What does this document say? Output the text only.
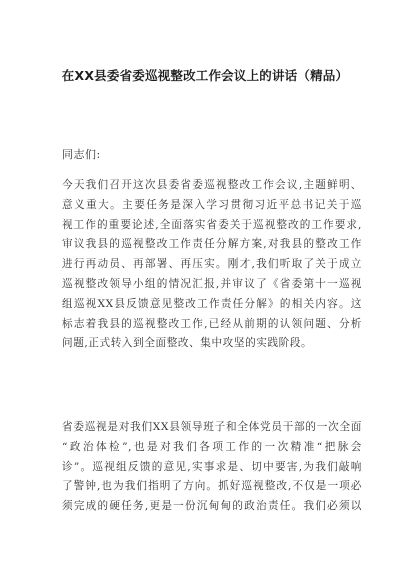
在XX县委省委巡视整改工作会议上的讲话（精品）
同志们:
今天我们召开这次县委省委巡视整改工作会议,主题鲜明、
意义重大。主要任务是深入学习贯彻习近平总书记关于巡
视工作的重要论述,全面落实省委关于巡视整改的工作要求,
审议我县的巡视整改工作责任分解方案,对我县的整改工作
进行再动员、再部署、再压实。刚才,我们听取了关于成立
巡视整改领导小组的情况汇报,并审议了《省委第十一巡视
组巡视XX县反馈意见整改工作责任分解》的相关内容。这
标志着我县的巡视整改工作,已经从前期的认领问题、分析
问题,正式转入到全面整改、集中攻坚的实践阶段。
省委巡视是对我们XX县领导班子和全体党员干部的一次全面
“政治体检”,也是对我们各项工作的一次精准“把脉会
诊”。巡视组反馈的意见,实事求是、切中要害,为我们敲响
了警钟,也为我们指明了方向。抓好巡视整改,不仅是一项必
须完成的硬任务,更是一份沉甸甸的政治责任。我们必须以
